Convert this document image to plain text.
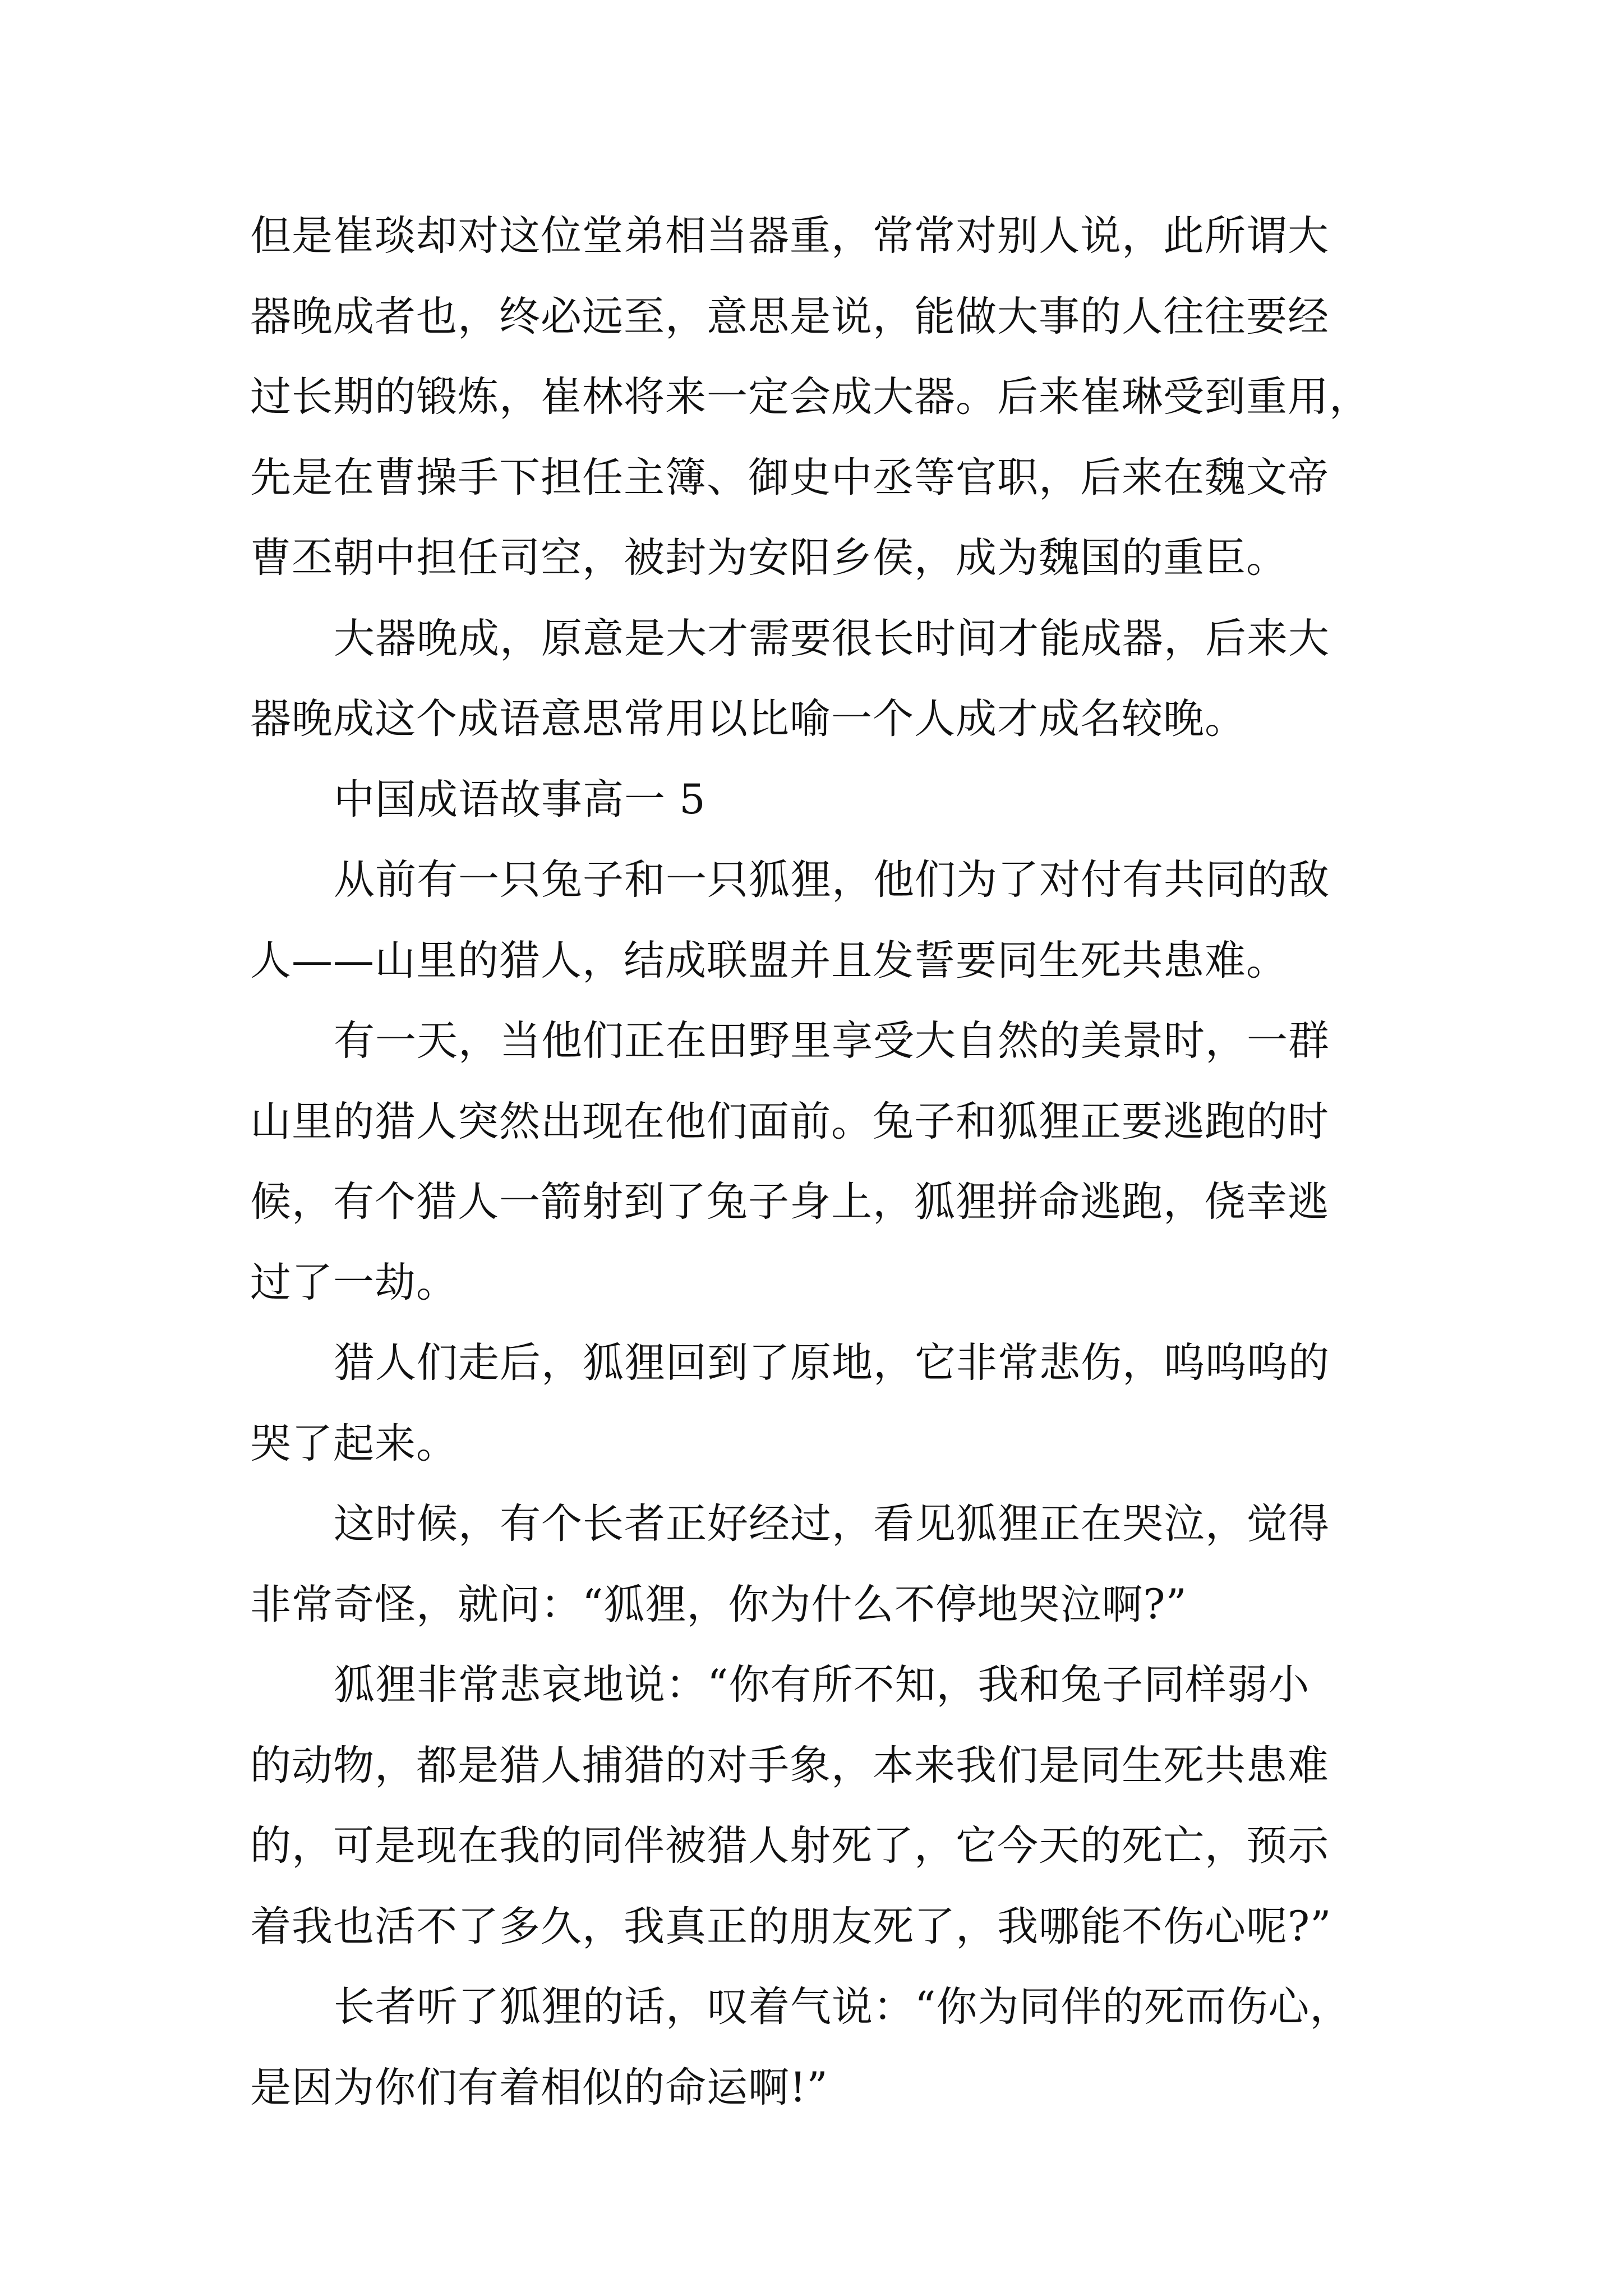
但是崔琰却对这位堂弟相当器重，常常对别人说，此所谓大
器晚成者也，终必远至，意思是说，能做大事的人往往要经
过长期的锻炼，崔林将来一定会成大器。后来崔琳受到重用，
先是在曹操手下担任主簿、御史中丞等官职，后来在魏文帝
曹丕朝中担任司空，被封为安阳乡侯，成为魏国的重臣。
大器晚成，原意是大才需要很长时间才能成器，后来大
器晚成这个成语意思常用以比喻一个人成才成名较晚。
中国成语故事高一 5
从前有一只兔子和一只狐狸，他们为了对付有共同的敌
人——山里的猎人，结成联盟并且发誓要同生死共患难。
有一天，当他们正在田野里享受大自然的美景时，一群
山里的猎人突然出现在他们面前。兔子和狐狸正要逃跑的时
候，有个猎人一箭射到了兔子身上，狐狸拼命逃跑，侥幸逃
过了一劫。
猎人们走后，狐狸回到了原地，它非常悲伤，呜呜呜的
哭了起来。
这时候，有个长者正好经过，看见狐狸正在哭泣，觉得
非常奇怪，就问：“狐狸，你为什么不停地哭泣啊?”
狐狸非常悲哀地说：“你有所不知，我和兔子同样弱小
的动物，都是猎人捕猎的对手象，本来我们是同生死共患难
的，可是现在我的同伴被猎人射死了，它今天的死亡，预示
着我也活不了多久，我真正的朋友死了，我哪能不伤心呢?”
长者听了狐狸的话，叹着气说：“你为同伴的死而伤心，
是因为你们有着相似的命运啊!”
